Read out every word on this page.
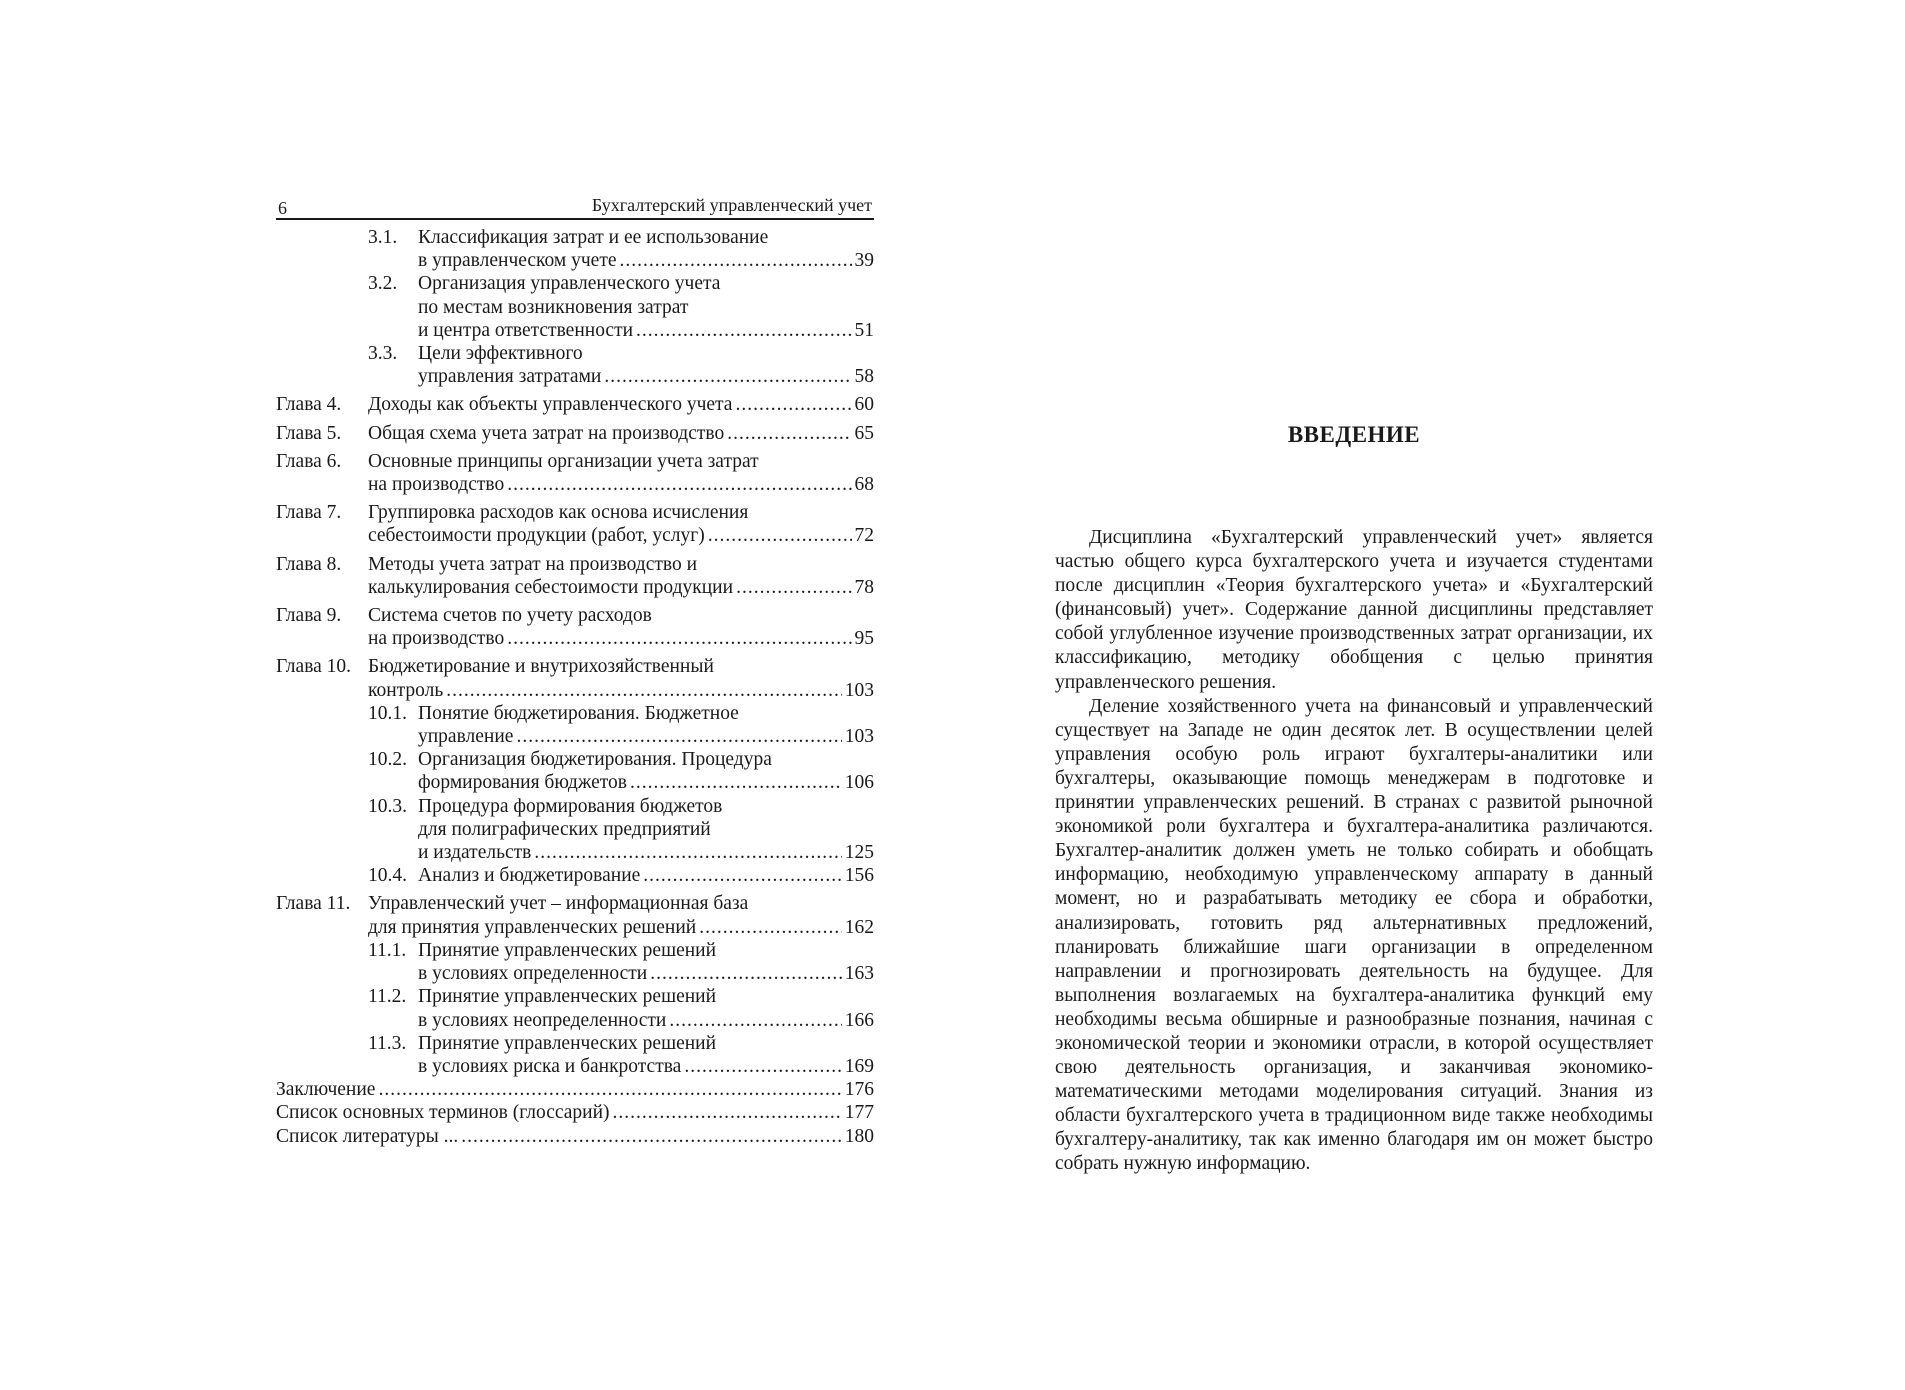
6	Бухгалтерский управленческий учет
3.1. Классификация затрат и ее использование
в управленческом учете .....	39
3.2. Организация управленческого учета
по местам возникновения затрат
и центра ответственности .....	51
3.3. Цели эффективного
управления затратами .....	58
Глава 4. Доходы как объекты управленческого учета .....	60
Глава 5. Общая схема учета затрат на производство .....	65
Глава 6. Основные принципы организации учета затрат
на производство .....	68
Глава 7. Группировка расходов как основа исчисления
себестоимости продукции (работ, услуг) .....	72
Глава 8. Методы учета затрат на производство и
калькулирования себестоимости продукции .....	78
Глава 9. Система счетов по учету расходов
на производство .....	95
Глава 10. Бюджетирование и внутрихозяйственный
контроль .....	103
10.1. Понятие бюджетирования. Бюджетное
управление .....	103
10.2. Организация бюджетирования. Процедура
формирования бюджетов .....	106
10.3. Процедура формирования бюджетов
для полиграфических предприятий
и издательств .....	125
10.4. Анализ и бюджетирование .....	156
Глава 11. Управленческий учет – информационная база
для принятия управленческих решений .....	162
11.1. Принятие управленческих решений
в условиях определенности .....	163
11.2. Принятие управленческих решений
в условиях неопределенности .....	166
11.3. Принятие управленческих решений
в условиях риска и банкротства .....	169
Заключение .....	176
Список основных терминов (глоссарий) .....	177
Список литературы ... .....	180
ВВЕДЕНИЕ

Дисциплина «Бухгалтерский управленческий учет» является частью общего курса бухгалтерского учета и изучается студентами после дисциплин «Теория бухгалтерского учета» и «Бухгалтерский (финансовый) учет». Содержание данной дисциплины представляет собой углубленное изучение производственных затрат организации, их классификацию, методику обобщения с целью принятия управленческого решения.

Деление хозяйственного учета на финансовый и управленческий существует на Западе не один десяток лет. В осуществлении целей управления особую роль играют бухгалтеры-аналитики или бухгалтеры, оказывающие помощь менеджерам в подготовке и принятии управленческих решений. В странах с развитой рыночной экономикой роли бухгалтера и бухгалтера-аналитика различаются. Бухгалтер-аналитик должен уметь не только собирать и обобщать информацию, необходимую управленческому аппарату в данный момент, но и разрабатывать методику ее сбора и обработки, анализировать, готовить ряд альтернативных предложений, планировать ближайшие шаги организации в определенном направлении и прогнозировать деятельность на будущее. Для выполнения возлагаемых на бухгалтера-аналитика функций ему необходимы весьма обширные и разнообразные познания, начиная с экономической теории и экономики отрасли, в которой осуществляет свою деятельность организация, и заканчивая экономико-математическими методами моделирования ситуаций. Знания из области бухгалтерского учета в традиционном виде также необходимы бухгалтеру-аналитику, так как именно благодаря им он может быстро собрать нужную информацию.
